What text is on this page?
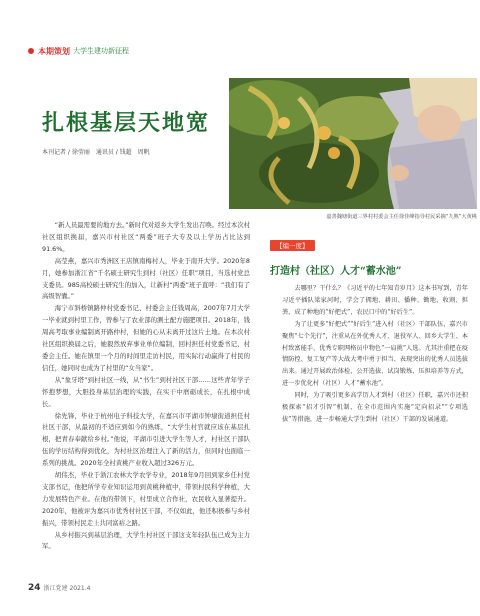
本期策划 大学生建功新征程
扎根基层天地宽
本刊记者 / 徐莹丽　通讯员 / 钱超　周帆
嘉善魏塘街道三界村村委会主任徐佳峰指导村民采摘“九熟”大黄桃

“新人员最需要的地方去。”新时代对返乡大学生发出召唤。经过本次村社区组织换届，嘉兴市村社区“两委”班子大专及以上学历占比达到91.6%。

高莹燕，嘉兴市秀洲区王店镇南梅村人，毕业于南开大学。2020年8月，她参加浙江省“千名硕士研究生到村（社区）任职”项目，当选村党总支委员。985高校硕士研究生的加入，让新村“两委”班子直呼：“我们有了高级智囊。”

海宁市斜桥镇路仲村党委书记、村委会主任钱周高，2007年7月大学一毕业就到村里工作，曾参与了农业部的测土配方施肥项目。2018年，钱周高考取事业编制离开路仲村，但她的心从未离开过这片土地。在本次村社区组织换届之后，她毅然放弃事业单位编制，回村担任村党委书记、村委会主任。她在镇里一个月的时间里走访村民，用实际行动赢得了村民的信任，她同时也成为了村里的“女当家”。

从“象牙塔”到村社区一线，从“书生”到村社区干部……这些青年学子怀抱梦想，大胆投身基层治理的实践，在实干中磨砺成长，在扎根中成长。

徐先锋，毕业于杭州电子科技大学，在嘉兴市平湖市钟埭街道担任村社区干部，从最初的不适应到如今的熟练，“大学生村官就应该在基层扎根，把青春奉献给乡村。”他说，平湖市引进大学生等人才，村社区干部队伍的学历结构得到优化，为村社区治理注入了新的活力，但同时也面临一系列的挑战。2020年全村黄桃产业收入超过326万元。

胡伟杰，毕业于浙江农林大学农学专业，2018年9月回到家乡任村党支部书记，他把所学专业知识运用到黄桃种植中，带领村民科学种植，大力发展特色产业。在他的带领下，村里成立合作社，农民收入显著提升。2020年，他被评为嘉兴市优秀村社区干部，不仅如此，他还积极参与乡村振兴，带领村民走上共同富裕之路。

从乡村振兴到基层治理，大学生村社区干部这支年轻队伍已成为主力军。

【编一度】
打造村（社区）人才“蓄水池”

去哪里？干什么？《习近平的七年知青岁月》这本书写到，青年习近平插队梁家河时，学会了拥地、耕田、播种、锄地、收割、担粪、成了种地的“好把式”，农民口中的“好后生”。

为了让更多“好把式”“好后生”进入村（社区）干部队伍，嘉兴市聚焦“七个先行”，注重从在外优秀人才、退役军人、回乡大学生、本村致富能手、优秀专职网格员中物色“一肩挑”人选。尤其注重把在疫情防控、复工复产等大战大考中勇于担当、表现突出的优秀人员选拔出来。通过开展政治体检、公开选拔、试岗锻炼、压担培养等方式，进一步优化村（社区）人才“蓄水池”。

同时，为了吸引更多高学历人才到村（社区）任职，嘉兴市还积极探索“招才引智”机制，在全市范围内实施“定向招录”“专项选拔”等措施，进一步畅通大学生到村（社区）干部的发展通道。

24 浙江党建 2021.4
